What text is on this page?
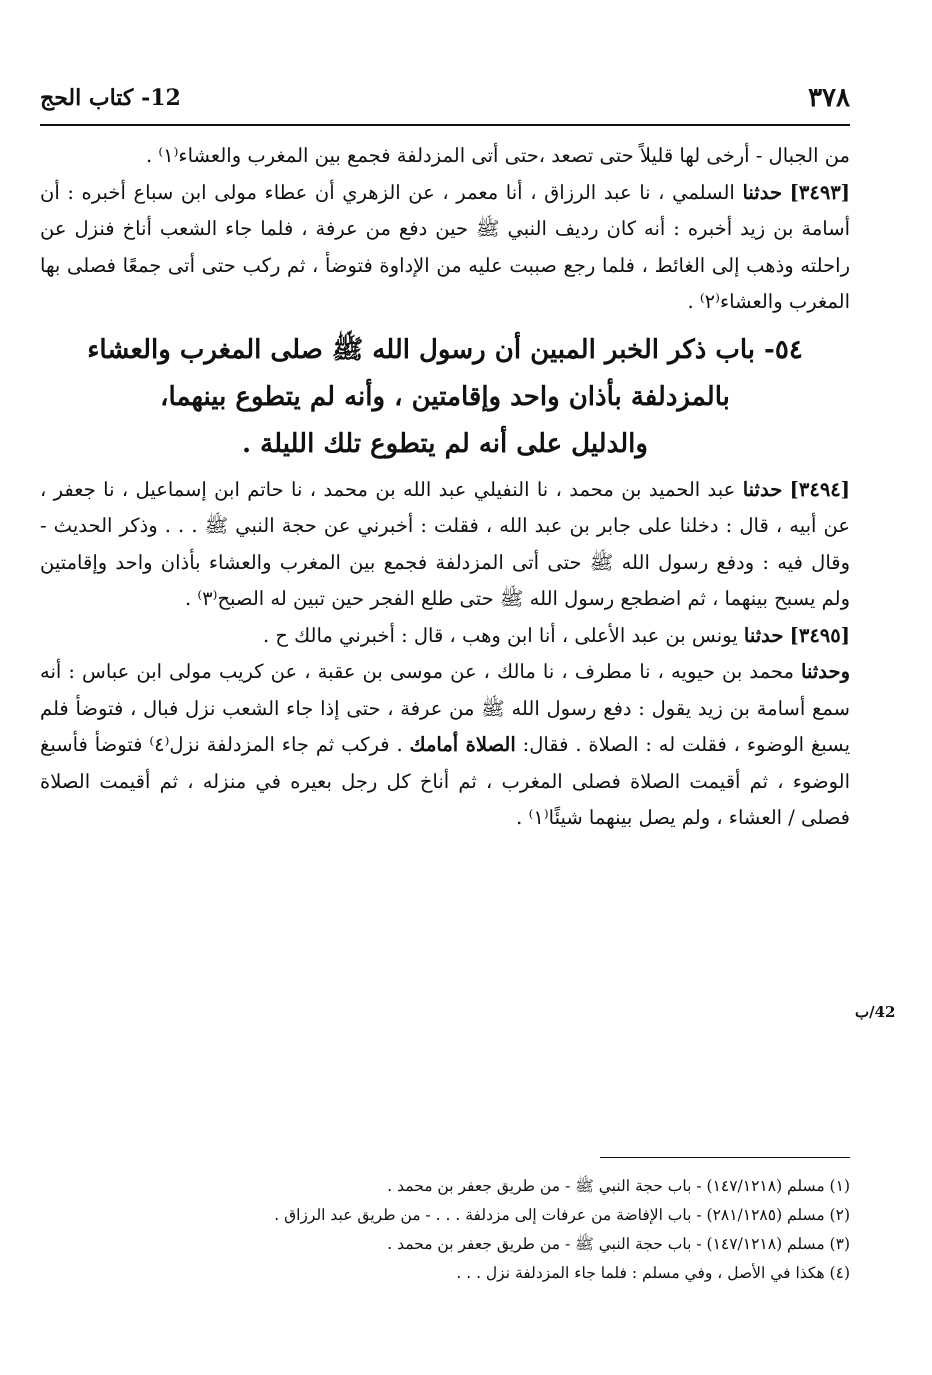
٣٧٨
12- كتاب الحج

من الجبال - أرخى لها قليلاً حتى تصعد ،حتى أتى المزدلفة فجمع بين المغرب والعشاء⁽١⁾ .

[٣٤٩٣] حدثنا السلمي ، نا عبد الرزاق ، أنا معمر ، عن الزهري أن عطاء مولى ابن سباع أخبره : أن أسامة بن زيد أخبره : أنه كان رديف النبي ﷺ حين دفع من عرفة ، فلما جاء الشعب أناخ فنزل عن راحلته وذهب إلى الغائط ، فلما رجع صببت عليه من الإداوة فتوضأ ، ثم ركب حتى أتى جمعًا فصلى بها المغرب والعشاء⁽٢⁾ .

٥٤- باب ذكر الخبر المبين أن رسول الله ﷺ صلى المغرب والعشاء
بالمزدلفة بأذان واحد وإقامتين ، وأنه لم يتطوع بينهما،
والدليل على أنه لم يتطوع تلك الليلة .

[٣٤٩٤] حدثنا عبد الحميد بن محمد ، نا النفيلي عبد الله بن محمد ، نا حاتم ابن إسماعيل ، نا جعفر ، عن أبيه ، قال : دخلنا على جابر بن عبد الله ، فقلت : أخبرني عن حجة النبي ﷺ . . . وذكر الحديث - وقال فيه : ودفع رسول الله ﷺ حتى أتى المزدلفة فجمع بين المغرب والعشاء بأذان واحد وإقامتين ولم يسبح بينهما ، ثم اضطجع رسول الله ﷺ حتى طلع الفجر حين تبين له الصبح⁽٣⁾ .

[٣٤٩٥] حدثنا يونس بن عبد الأعلى ، أنا ابن وهب ، قال : أخبرني مالك ح .

وحدثنا محمد بن حيويه ، نا مطرف ، نا مالك ، عن موسى بن عقبة ، عن كريب مولى ابن عباس : أنه سمع أسامة بن زيد يقول : دفع رسول الله ﷺ من عرفة ، حتى إذا جاء الشعب نزل فبال ، فتوضأ فلم يسبغ الوضوء ، فقلت له : الصلاة . فقال: الصلاة أمامك . فركب ثم جاء المزدلفة نزل⁽٤⁾ فتوضأ فأسبغ الوضوء ، ثم أقيمت الصلاة فصلى المغرب ، ثم أناخ كل رجل بعيره في منزله ، ثم أقيمت الصلاة فصلى / العشاء ، ولم يصل بينهما شيئًا⁽١⁾ .

(١) مسلم (١٤٧/١٢١٨) - باب حجة النبي ﷺ - من طريق جعفر بن محمد .

(٢) مسلم (٢٨١/١٢٨٥) - باب الإفاضة من عرفات إلى مزدلفة . . . - من طريق عبد الرزاق .

(٣) مسلم (١٤٧/١٢١٨) - باب حجة النبي ﷺ - من طريق جعفر بن محمد .

(٤) هكذا في الأصل ، وفي مسلم : فلما جاء المزدلفة نزل . . .

42/ب
